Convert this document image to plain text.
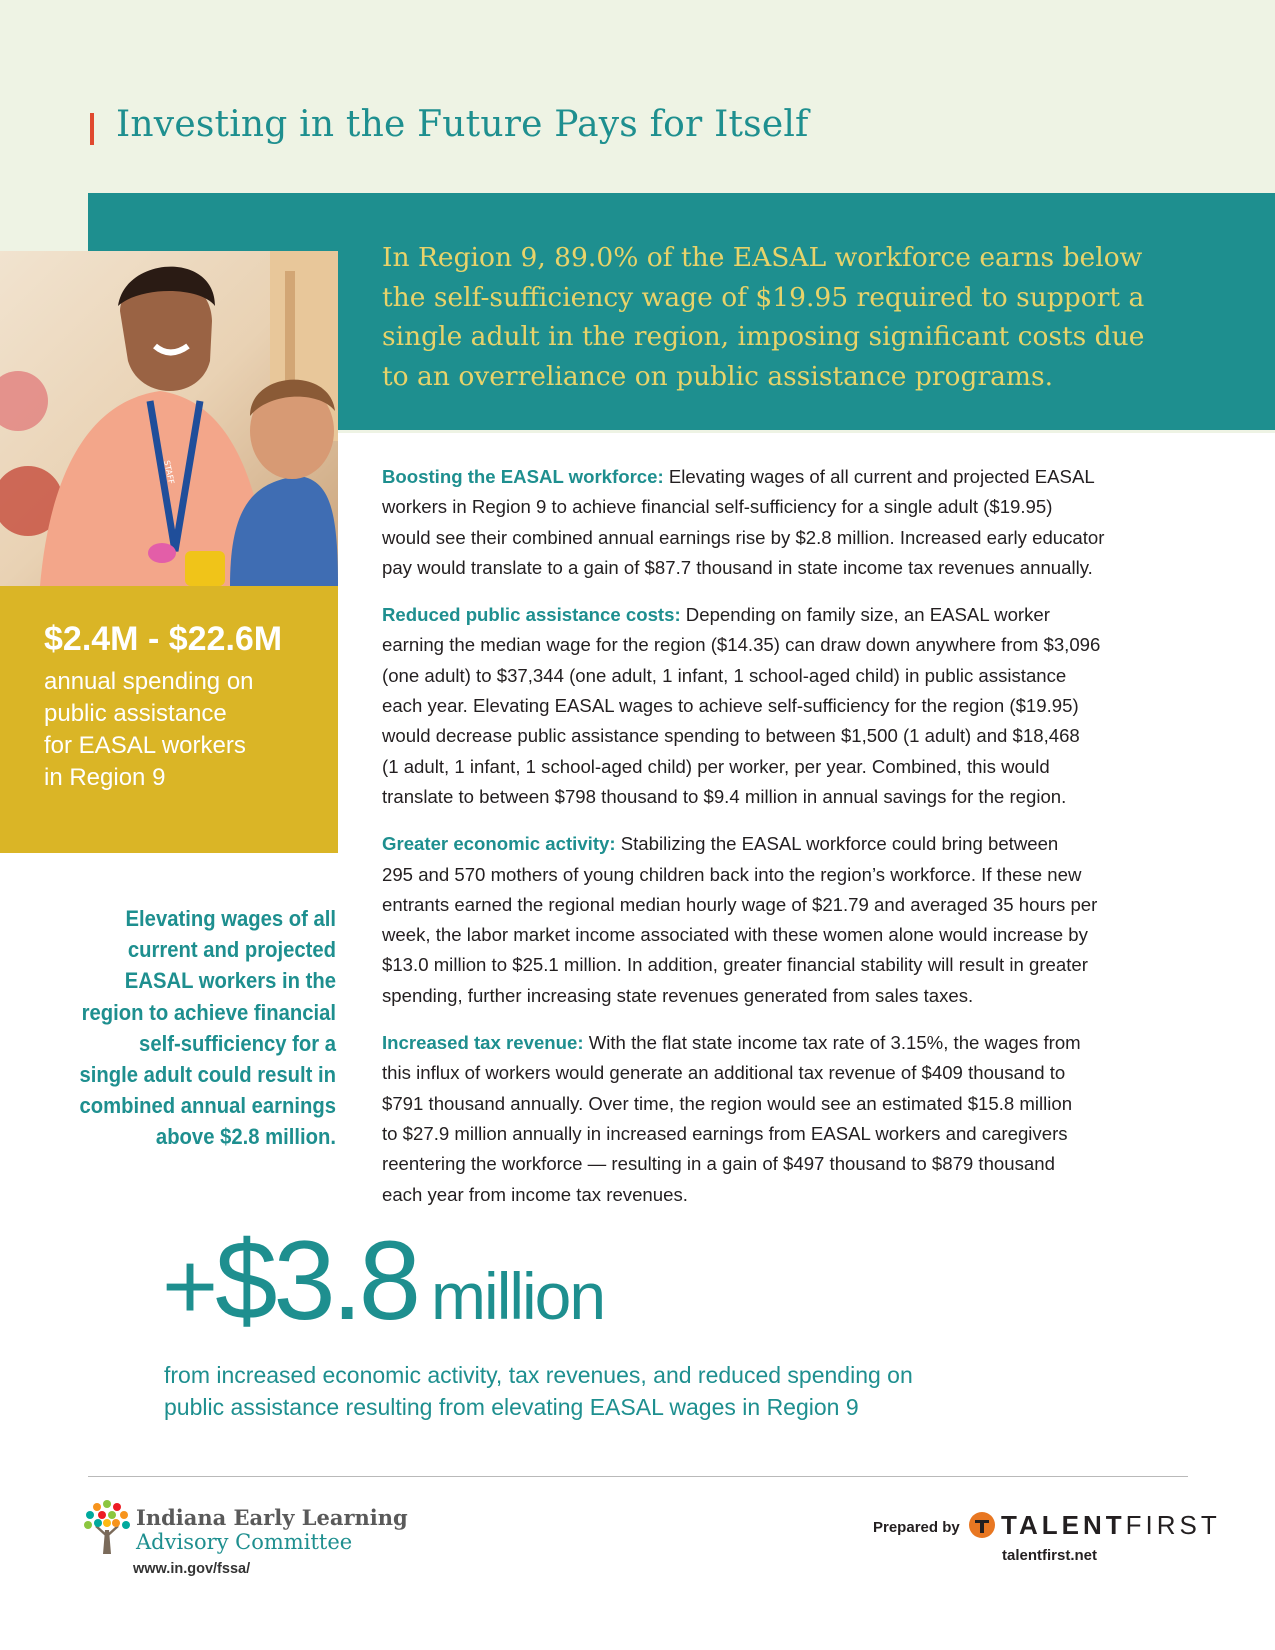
Investing in the Future Pays for Itself

In Region 9, 89.0% of the EASAL workforce earns below
the self-sufficiency wage of $19.95 required to support a
single adult in the region, imposing significant costs due
to an overreliance on public assistance programs.

STAFF
$2.4M - $22.6M
annual spending on
public assistance
for EASAL workers
in Region 9

Elevating wages of all
current and projected
EASAL workers in the
region to achieve financial
self-sufficiency for a
single adult could result in
combined annual earnings
above $2.8 million.

Boosting the EASAL workforce: Elevating wages of all current and projected EASAL
workers in Region 9 to achieve financial self-sufficiency for a single adult ($19.95)
would see their combined annual earnings rise by $2.8 million. Increased early educator
pay would translate to a gain of $87.7 thousand in state income tax revenues annually.

Reduced public assistance costs: Depending on family size, an EASAL worker
earning the median wage for the region ($14.35) can draw down anywhere from $3,096
(one adult) to $37,344 (one adult, 1 infant, 1 school-aged child) in public assistance
each year. Elevating EASAL wages to achieve self-sufficiency for the region ($19.95)
would decrease public assistance spending to between $1,500 (1 adult) and $18,468
(1 adult, 1 infant, 1 school-aged child) per worker, per year. Combined, this would
translate to between $798 thousand to $9.4 million in annual savings for the region.

Greater economic activity: Stabilizing the EASAL workforce could bring between
295 and 570 mothers of young children back into the region’s workforce. If these new
entrants earned the regional median hourly wage of $21.79 and averaged 35 hours per
week, the labor market income associated with these women alone would increase by
$13.0 million to $25.1 million. In addition, greater financial stability will result in greater
spending, further increasing state revenues generated from sales taxes.

Increased tax revenue: With the flat state income tax rate of 3.15%, the wages from
this influx of workers would generate an additional tax revenue of $409 thousand to
$791 thousand annually. Over time, the region would see an estimated $15.8 million
to $27.9 million annually in increased earnings from EASAL workers and caregivers
reentering the workforce — resulting in a gain of $497 thousand to $879 thousand
each year from income tax revenues.

+$3.8 million

from increased economic activity, tax revenues, and reduced spending on
public assistance resulting from elevating EASAL wages in Region 9

Indiana Early Learning
Advisory Committee

www.in.gov/fssa/
Prepared by TALENTFIRST
talentfirst.net
